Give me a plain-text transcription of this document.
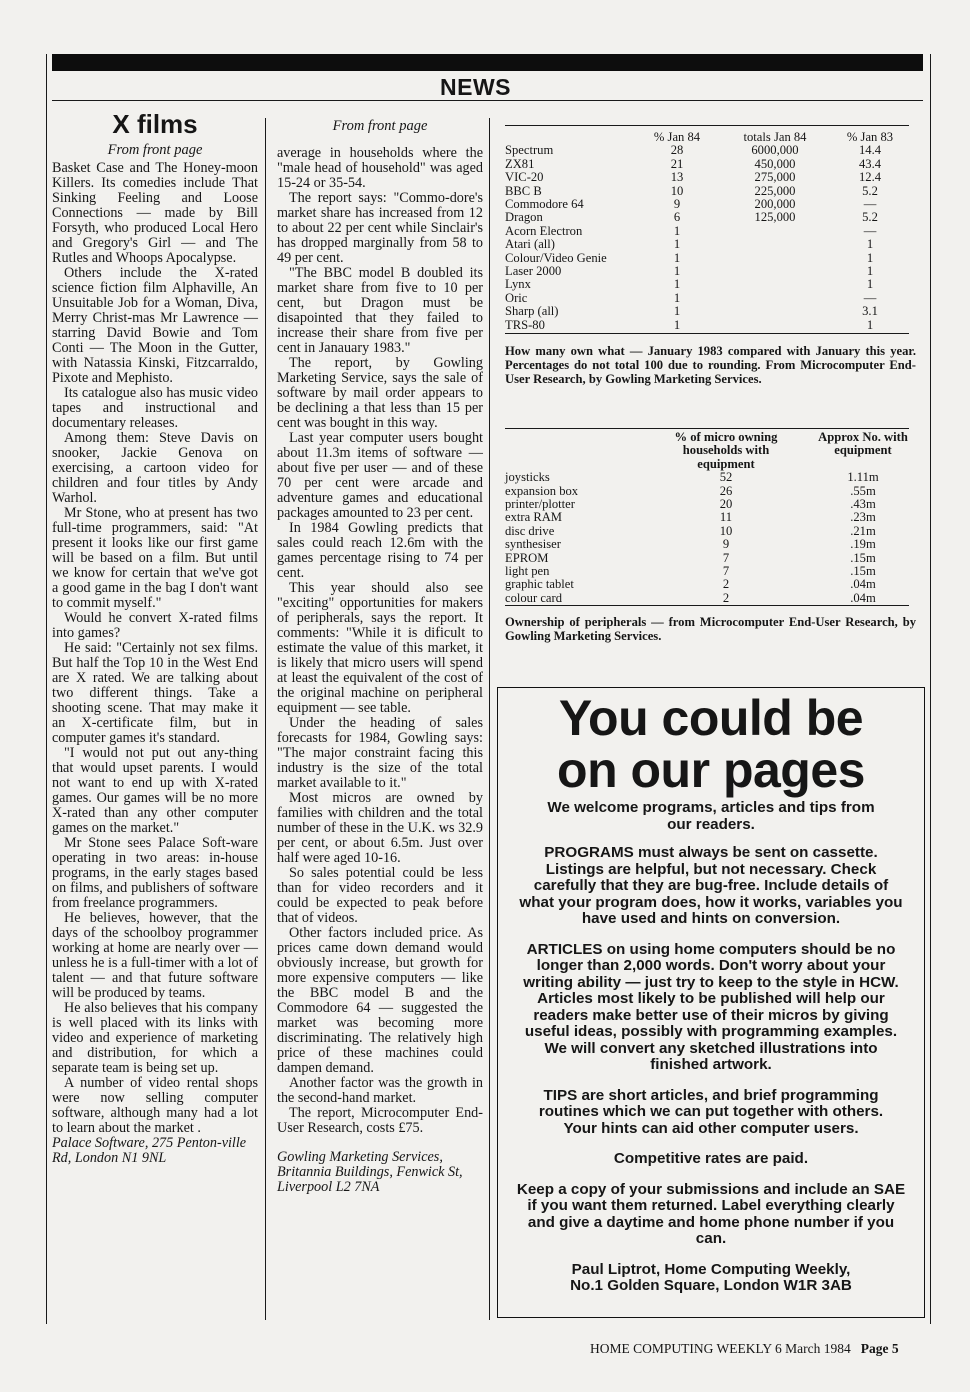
NEWS
X films
From front page

Basket Case and The Honey-moon Killers. Its comedies include That Sinking Feeling and Loose Connections — made by Bill Forsyth, who produced Local Hero and Gregory's Girl — and The Rutles and Whoops Apocalypse.

Others include the X-rated science fiction film Alphaville, An Unsuitable Job for a Woman, Diva, Merry Christ-mas Mr Lawrence — starring David Bowie and Tom Conti — The Moon in the Gutter, with Natassia Kinski, Fitzcarraldo, Pixote and Mephisto.

Its catalogue also has music video tapes and instructional and documentary releases.

Among them: Steve Davis on snooker, Jackie Genova on exercising, a cartoon video for children and four titles by Andy Warhol.

Mr Stone, who at present has two full-time programmers, said: "At present it looks like our first game will be based on a film. But until we know for certain that we've got a good game in the bag I don't want to commit myself."

Would he convert X-rated films into games?

He said: "Certainly not sex films. But half the Top 10 in the West End are X rated. We are talking about two different things. Take a shooting scene. That may make it an X-certificate film, but in computer games it's standard.

"I would not put out any-thing that would upset parents. I would not want to end up with X-rated games. Our games will be no more X-rated than any other computer games on the market."

Mr Stone sees Palace Soft-ware operating in two areas: in-house programs, in the early stages based on films, and publishers of software from freelance programmers.

He believes, however, that the days of the schoolboy programmer working at home are nearly over — unless he is a full-timer with a lot of talent — and that future software will be produced by teams.

He also believes that his company is well placed with its links with video and experience of marketing and distribution, for which a separate team is being set up.

A number of video rental shops were now selling computer software, although many had a lot to learn about the market .

Palace Software, 275 Penton-ville Rd, London N1 9NL

From front page

average in households where the "male head of household" was aged 15-24 or 35-54.

The report says: "Commo-dore's market share has increased from 12 to about 22 per cent while Sinclair's has dropped marginally from 58 to 49 per cent.

"The BBC model B doubled its market share from five to 10 per cent, but Dragon must be disapointed that they failed to increase their share from five per cent in Janauary 1983."

The report, by Gowling Marketing Service, says the sale of software by mail order appears to be declining a that less than 15 per cent was bought in this way.

Last year computer users bought about 11.3m items of software — about five per user — and of these 70 per cent were arcade and adventure games and educational packages amounted to 23 per cent.

In 1984 Gowling predicts that sales could reach 12.6m with the games percentage rising to 74 per cent.

This year should also see "exciting" opportunities for makers of peripherals, says the report. It comments: "While it is dificult to estimate the value of this market, it is likely that micro users will spend at least the equivalent of the cost of the original machine on peripheral equipment — see table.

Under the heading of sales forecasts for 1984, Gowling says: "The major constraint facing this industry is the size of the total market available to it."

Most micros are owned by families with children and the total number of these in the U.K. ws 32.9 per cent, or about 6.5m. Just over half were aged 10-16.

So sales potential could be less than for video recorders and it could be expected to peak before that of videos.

Other factors included price. As prices came down demand would obviously increase, but growth for more expensive computers — like the BBC model B and the Commodore 64 — suggested the market was becoming more discriminating. The relatively high price of these machines could dampen demand.

Another factor was the growth in the second-hand market.

The report, Microcomputer End-User Research, costs £75.

Gowling Marketing Services, Britannia Buildings, Fenwick St, Liverpool L2 7NA

	% Jan 84	totals Jan 84	% Jan 83
Spectrum	28	6000,000	14.4
ZX81	21	450,000	43.4
VIC-20	13	275,000	12.4
BBC B	10	225,000	5.2
Commodore 64	9	200,000	—
Dragon	6	125,000	5.2
Acorn Electron	1		—
Atari (all)	1		1
Colour/Video Genie	1		1
Laser 2000	1		1
Lynx	1		1
Oric	1		—
Sharp (all)	1		3.1
TRS-80	1		1
How many own what — January 1983 compared with January this year. Percentages do not total 100 due to rounding. From Microcomputer End-User Research, by Gowling Marketing Services.
	% of micro owning households with equipment	Approx No. with equipment
joysticks	52	1.11m
expansion box	26	.55m
printer/plotter	20	.43m
extra RAM	11	.23m
disc drive	10	.21m
synthesiser	9	.19m
EPROM	7	.15m
light pen	7	.15m
graphic tablet	2	.04m
colour card	2	.04m
Ownership of peripherals — from Microcomputer End-User Research, by Gowling Marketing Services.
You could be
on our pages

We welcome programs, articles and tips from our readers.

PROGRAMS must always be sent on cassette. Listings are helpful, but not necessary. Check carefully that they are bug-free. Include details of what your program does, how it works, variables you have used and hints on conversion.

ARTICLES on using home computers should be no longer than 2,000 words. Don't worry about your writing ability — just try to keep to the style in HCW. Articles most likely to be published will help our readers make better use of their micros by giving useful ideas, possibly with programming examples. We will convert any sketched illustrations into finished artwork.

TIPS are short articles, and brief programming routines which we can put together with others. Your hints can aid other computer users.

Competitive rates are paid.

Keep a copy of your submissions and include an SAE if you want them returned. Label everything clearly and give a daytime and home phone number if you can.

Paul Liptrot, Home Computing Weekly,

No.1 Golden Square, London W1R 3AB

HOME COMPUTING WEEKLY 6 March 1984 Page 5
